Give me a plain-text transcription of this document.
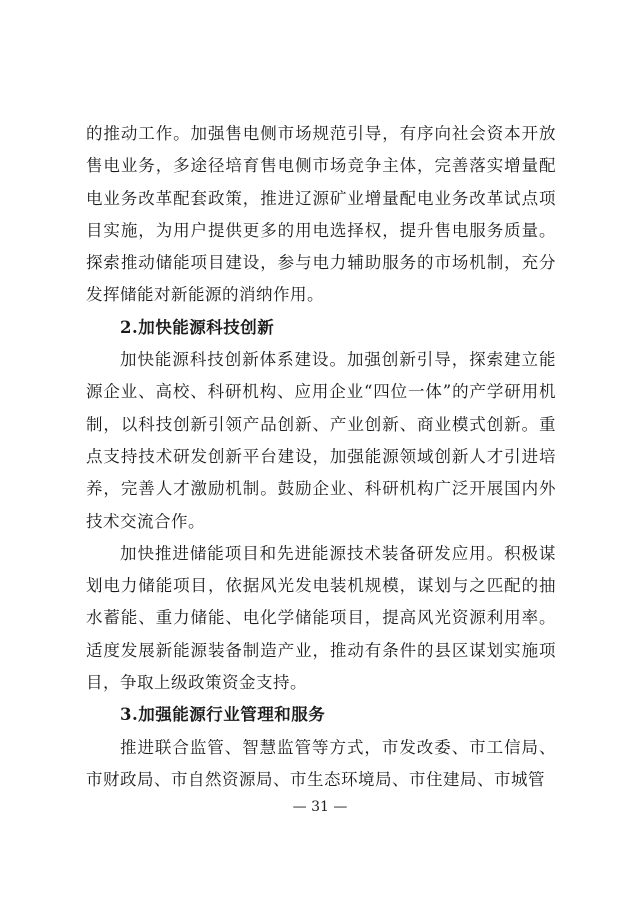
的推动工作。加强售电侧市场规范引导，有序向社会资本开放售电业务，多途径培育售电侧市场竞争主体，完善落实增量配电业务改革配套政策，推进辽源矿业增量配电业务改革试点项目实施，为用户提供更多的用电选择权，提升售电服务质量。探索推动储能项目建设，参与电力辅助服务的市场机制，充分发挥储能对新能源的消纳作用。

2.加快能源科技创新

加快能源科技创新体系建设。加强创新引导，探索建立能源企业、高校、科研机构、应用企业“四位一体”的产学研用机制，以科技创新引领产品创新、产业创新、商业模式创新。重点支持技术研发创新平台建设，加强能源领域创新人才引进培养，完善人才激励机制。鼓励企业、科研机构广泛开展国内外技术交流合作。

加快推进储能项目和先进能源技术装备研发应用。积极谋划电力储能项目，依据风光发电装机规模，谋划与之匹配的抽水蓄能、重力储能、电化学储能项目，提高风光资源利用率。适度发展新能源装备制造产业，推动有条件的县区谋划实施项目，争取上级政策资金支持。

3.加强能源行业管理和服务

推进联合监管、智慧监管等方式，市发改委、市工信局、市财政局、市自然资源局、市生态环境局、市住建局、市城管

— 31 —
